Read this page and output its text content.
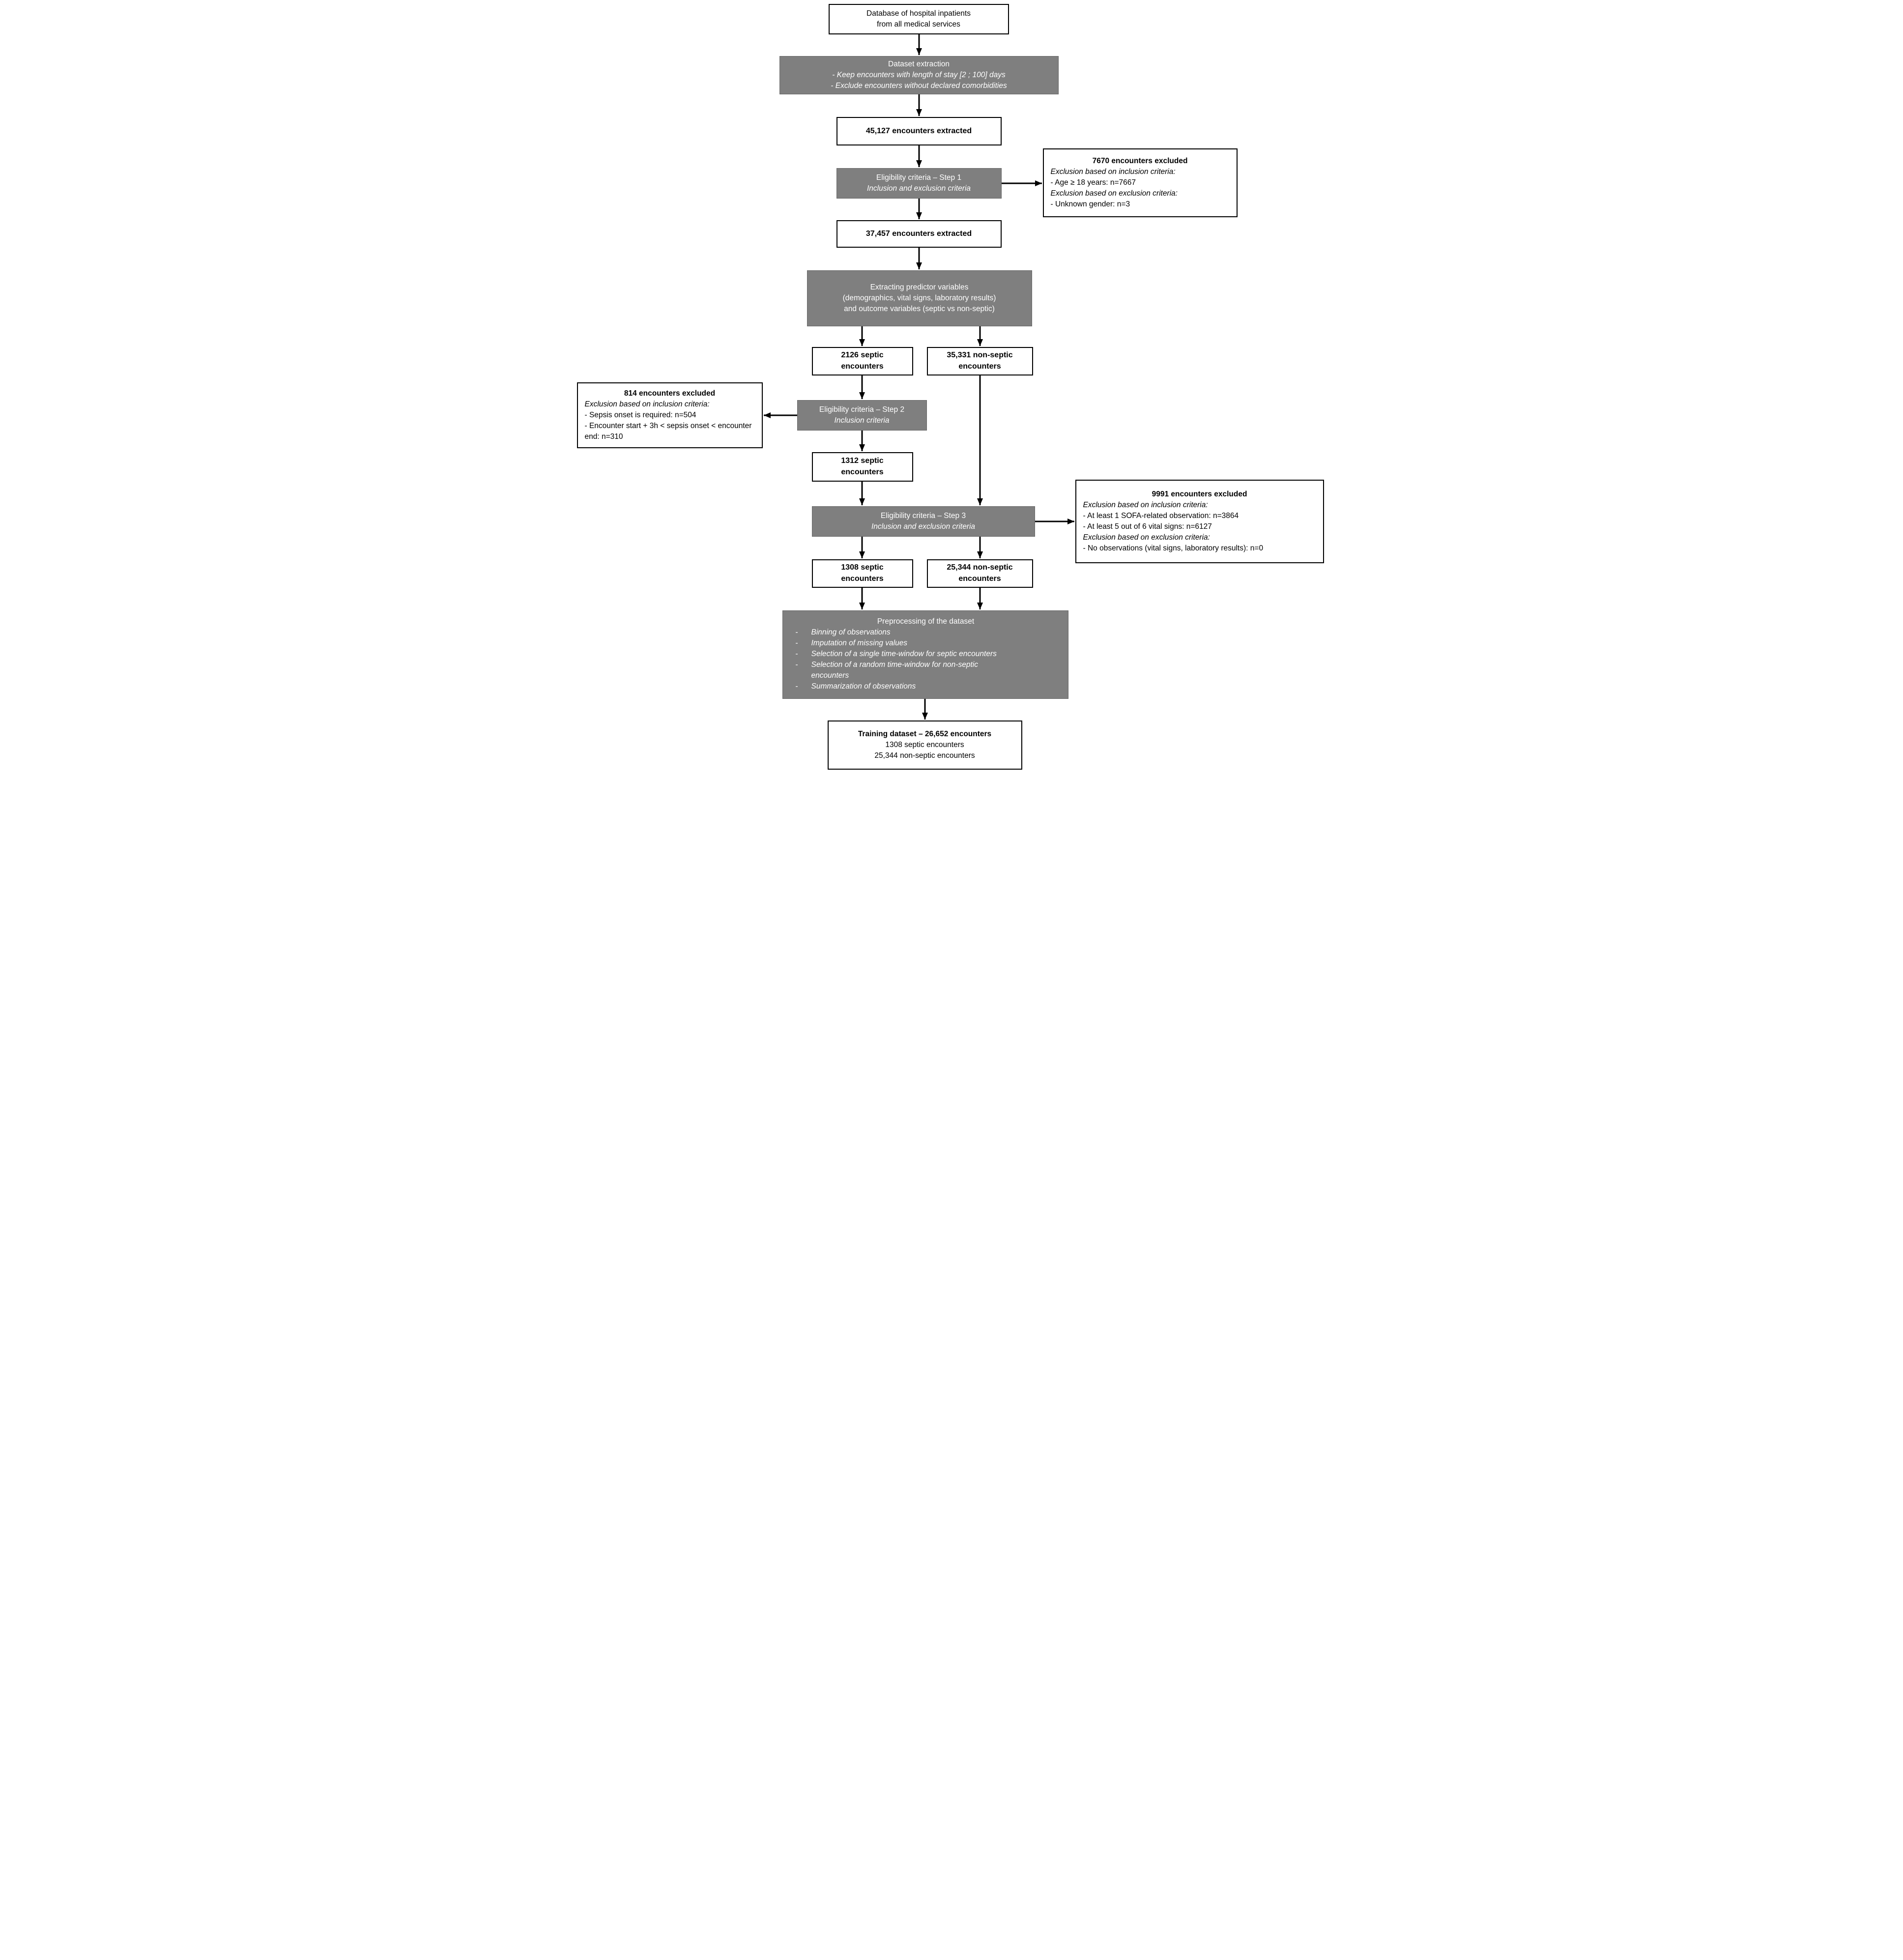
Database of hospital inpatients
from all medical services
Dataset extraction
- Keep encounters with length of stay [2 ; 100] days
- Exclude encounters without declared comorbidities
45,127 encounters extracted
Eligibility criteria – Step 1
Inclusion and exclusion criteria
7670 encounters excluded
Exclusion based on inclusion criteria:
- Age ≥ 18 years: n=7667
Exclusion based on exclusion criteria:
- Unknown gender: n=3
37,457 encounters extracted
Extracting predictor variables
(demographics, vital signs, laboratory results)
and outcome variables (septic vs non-septic)
2126 septic
encounters
35,331 non-septic
encounters
Eligibility criteria – Step 2
Inclusion criteria
814 encounters excluded
Exclusion based on inclusion criteria:
- Sepsis onset is required: n=504
- Encounter start + 3h < sepsis onset < encounter end: n=310
1312 septic
encounters
Eligibility criteria – Step 3
Inclusion and exclusion criteria
9991 encounters excluded
Exclusion based on inclusion criteria:
- At least 1 SOFA-related observation: n=3864
- At least 5 out of 6 vital signs: n=6127
Exclusion based on exclusion criteria:
- No observations (vital signs, laboratory results): n=0
1308 septic
encounters
25,344 non-septic
encounters
Preprocessing of the dataset
-	Binning of observations
-	Imputation of missing values
-	Selection of a single time-window for septic encounters
-	Selection of a random time-window for non-septic encounters
-	Summarization of observations
Training dataset – 26,652 encounters
1308 septic encounters
25,344 non-septic encounters
